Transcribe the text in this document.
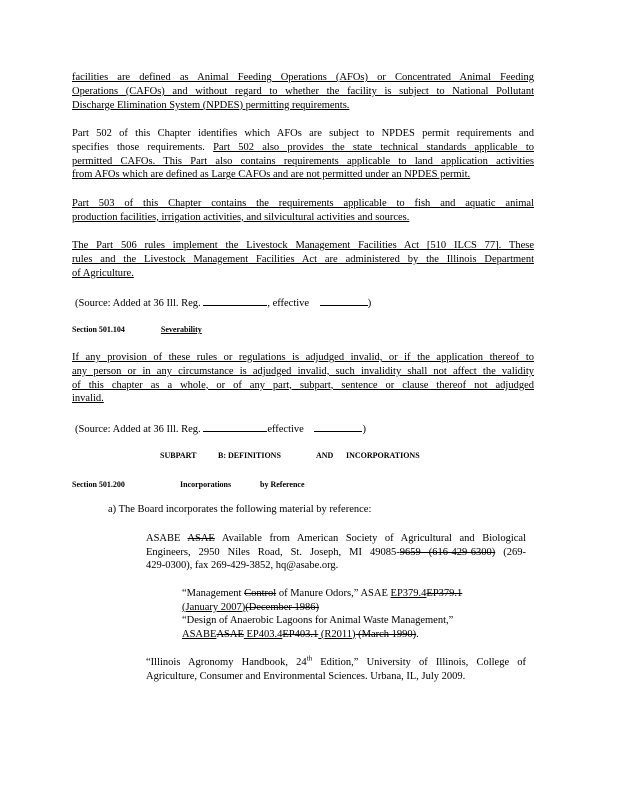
facilities are defined as Animal Feeding Operations (AFOs) or Concentrated Animal Feeding
Operations (CAFOs) and without regard to whether the facility is subject to National Pollutant
Discharge Elimination System (NPDES) permitting requirements.
Part 502 of this Chapter identifies which AFOs are subject to NPDES permit requirements and
specifies those requirements. Part 502 also provides the state technical standards applicable to
permitted CAFOs. This Part also contains requirements applicable to land application activities
from AFOs which are defined as Large CAFOs and are not permitted under an NPDES permit.
Part 503 of this Chapter contains the requirements applicable to fish and aquatic animal
production facilities, irrigation activities, and silvicultural activities and sources.
The Part 506 rules implement the Livestock Management Facilities Act [510 ILCS 77]. These
rules and the Livestock Management Facilities Act are administered by the Illinois Department
of Agriculture.
(Source: Added at 36 Ill. Reg.	, effective	)
Section 501.104	Severability
If any provision of these rules or regulations is adjudged invalid, or if the application thereof to
any person or in any circumstance is adjudged invalid, such invalidity shall not affect the validity
of this chapter as a whole, or of any part, subpart, sentence or clause thereof not adjudged
invalid.
(Source: Added at 36 Ill. Reg.	effective	)
SUBPART	B: DEFINITIONS	AND INCORPORATIONS
Section 501.200	Incorporations	by Reference
a) The Board incorporates the following material by reference:
ASABE ASAE Available from American Society of Agricultural and Biological
Engineers, 2950 Niles Road, St. Joseph, MI 49085-9659 (616-429-6300) (269-
429-0300), fax 269-429-3852, hq@asabe.org.
“Management Control of Manure Odors,” ASAE EP379.4EP379.1
(January 2007)(December 1986)
“Design of Anaerobic Lagoons for Animal Waste Management,”
ASABEASAE EP403.4EP403.1 (R2011) (March 1990).
“Illinois Agronomy Handbook, 24th Edition,” University of Illinois, College of
Agriculture, Consumer and Environmental Sciences. Urbana, IL, July 2009.
